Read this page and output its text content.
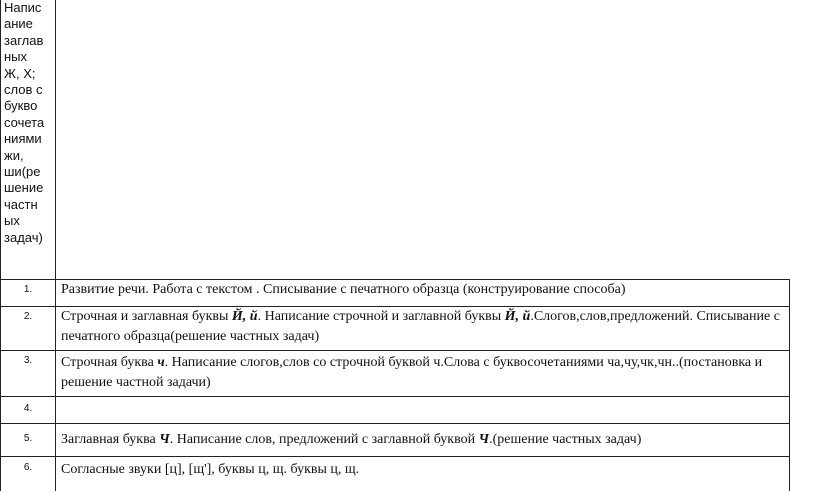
Напис
ание
заглав
ных
Ж, Х;
слов с
букво
сочета
ниями
жи,
ши(ре
шение
частн
ых
задач)
1.
2.
3.
4.
5.
6.
Развитие речи. Работа с текстом . Списывание с печатного образца (конструирование способа)
Строчная и заглавная буквы Й, й. Написание строчной и заглавной буквы Й, й.Слогов,слов,предложений. Списывание с печатного образца(решение частных задач)
Строчная буква ч. Написание слогов,слов со строчной буквой ч.Слова с буквосочетаниями ча,чу,чк,чн..(постановка и решение частной задачи)
Заглавная буква Ч. Написание слов, предложений с заглавной буквой Ч.(решение частных задач)
Согласные звуки [ц], [щ'], буквы ц, щ. буквы ц, щ.
